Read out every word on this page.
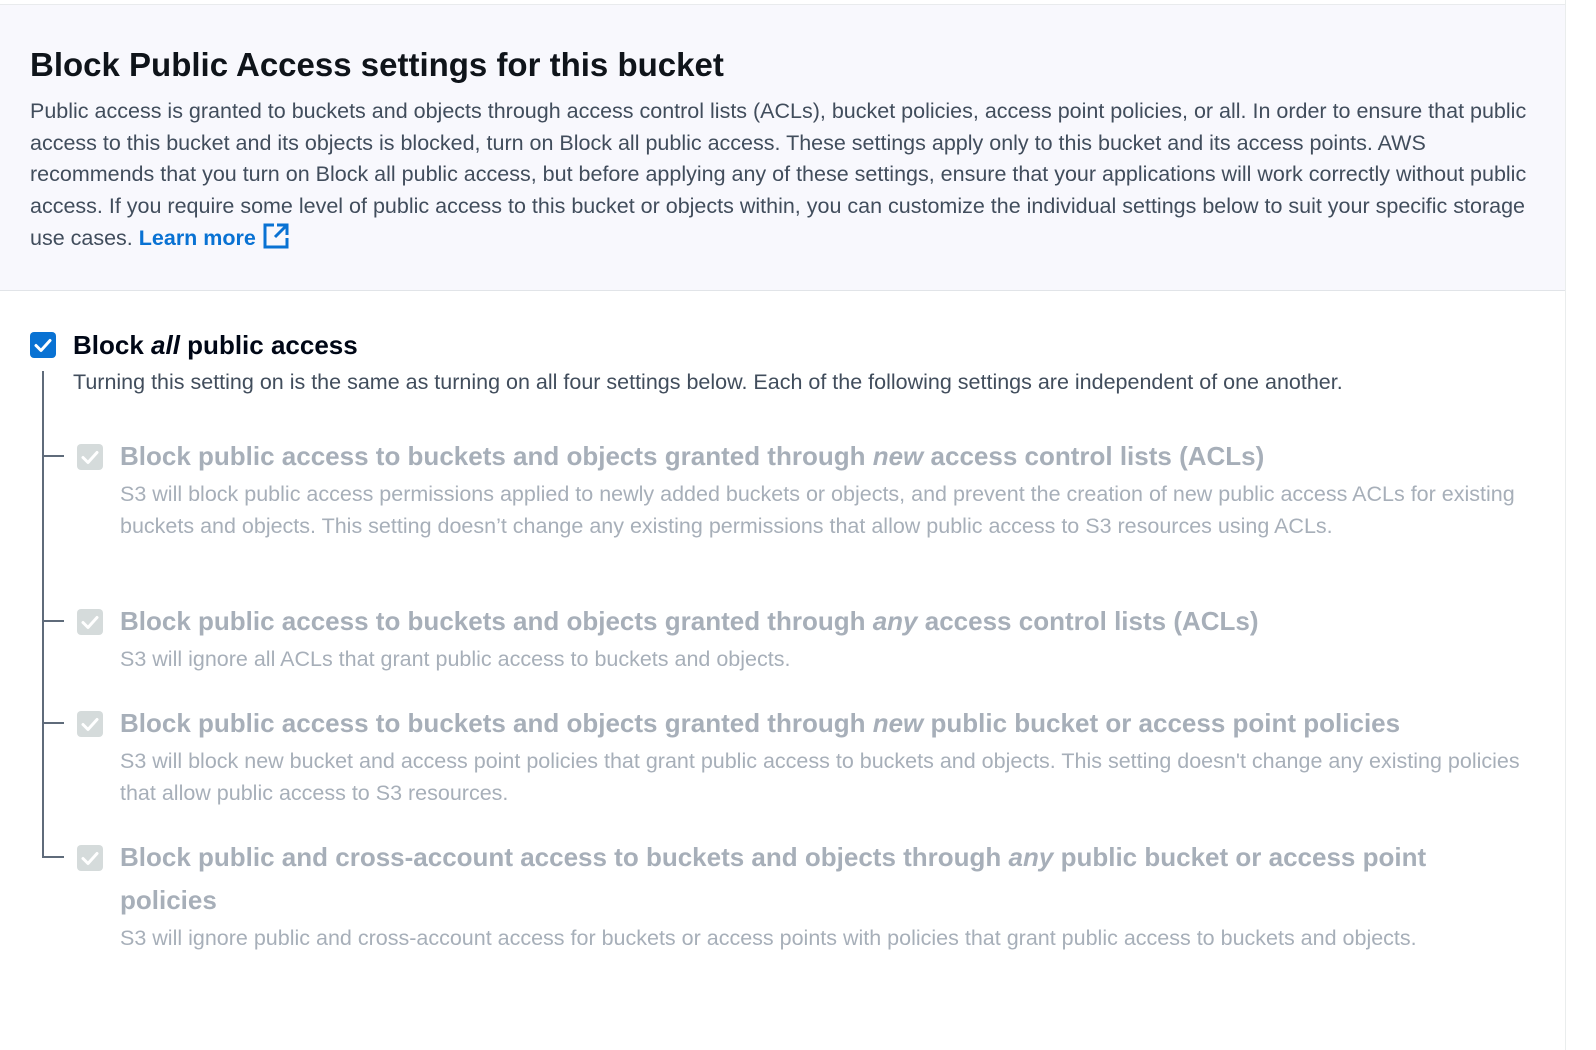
Block Public Access settings for this bucket

Public access is granted to buckets and objects through access control lists (ACLs), bucket policies, access point policies, or all. In order to ensure that public access to this bucket and its objects is blocked, turn on Block all public access. These settings apply only to this bucket and its access points. AWS recommends that you turn on Block all public access, but before applying any of these settings, ensure that your applications will work correctly without public access. If you require some level of public access to this bucket or objects within, you can customize the individual settings below to suit your specific storage use cases. Learn more

Block all public access

Turning this setting on is the same as turning on all four settings below. Each of the following settings are independent of one another.

Block public access to buckets and objects granted through new access control lists (ACLs)

S3 will block public access permissions applied to newly added buckets or objects, and prevent the creation of new public access ACLs for existing buckets and objects. This setting doesn’t change any existing permissions that allow public access to S3 resources using ACLs.

Block public access to buckets and objects granted through any access control lists (ACLs)

S3 will ignore all ACLs that grant public access to buckets and objects.

Block public access to buckets and objects granted through new public bucket or access point policies

S3 will block new bucket and access point policies that grant public access to buckets and objects. This setting doesn't change any existing policies that allow public access to S3 resources.

Block public and cross-account access to buckets and objects through any public bucket or access point policies

S3 will ignore public and cross-account access for buckets or access points with policies that grant public access to buckets and objects.
